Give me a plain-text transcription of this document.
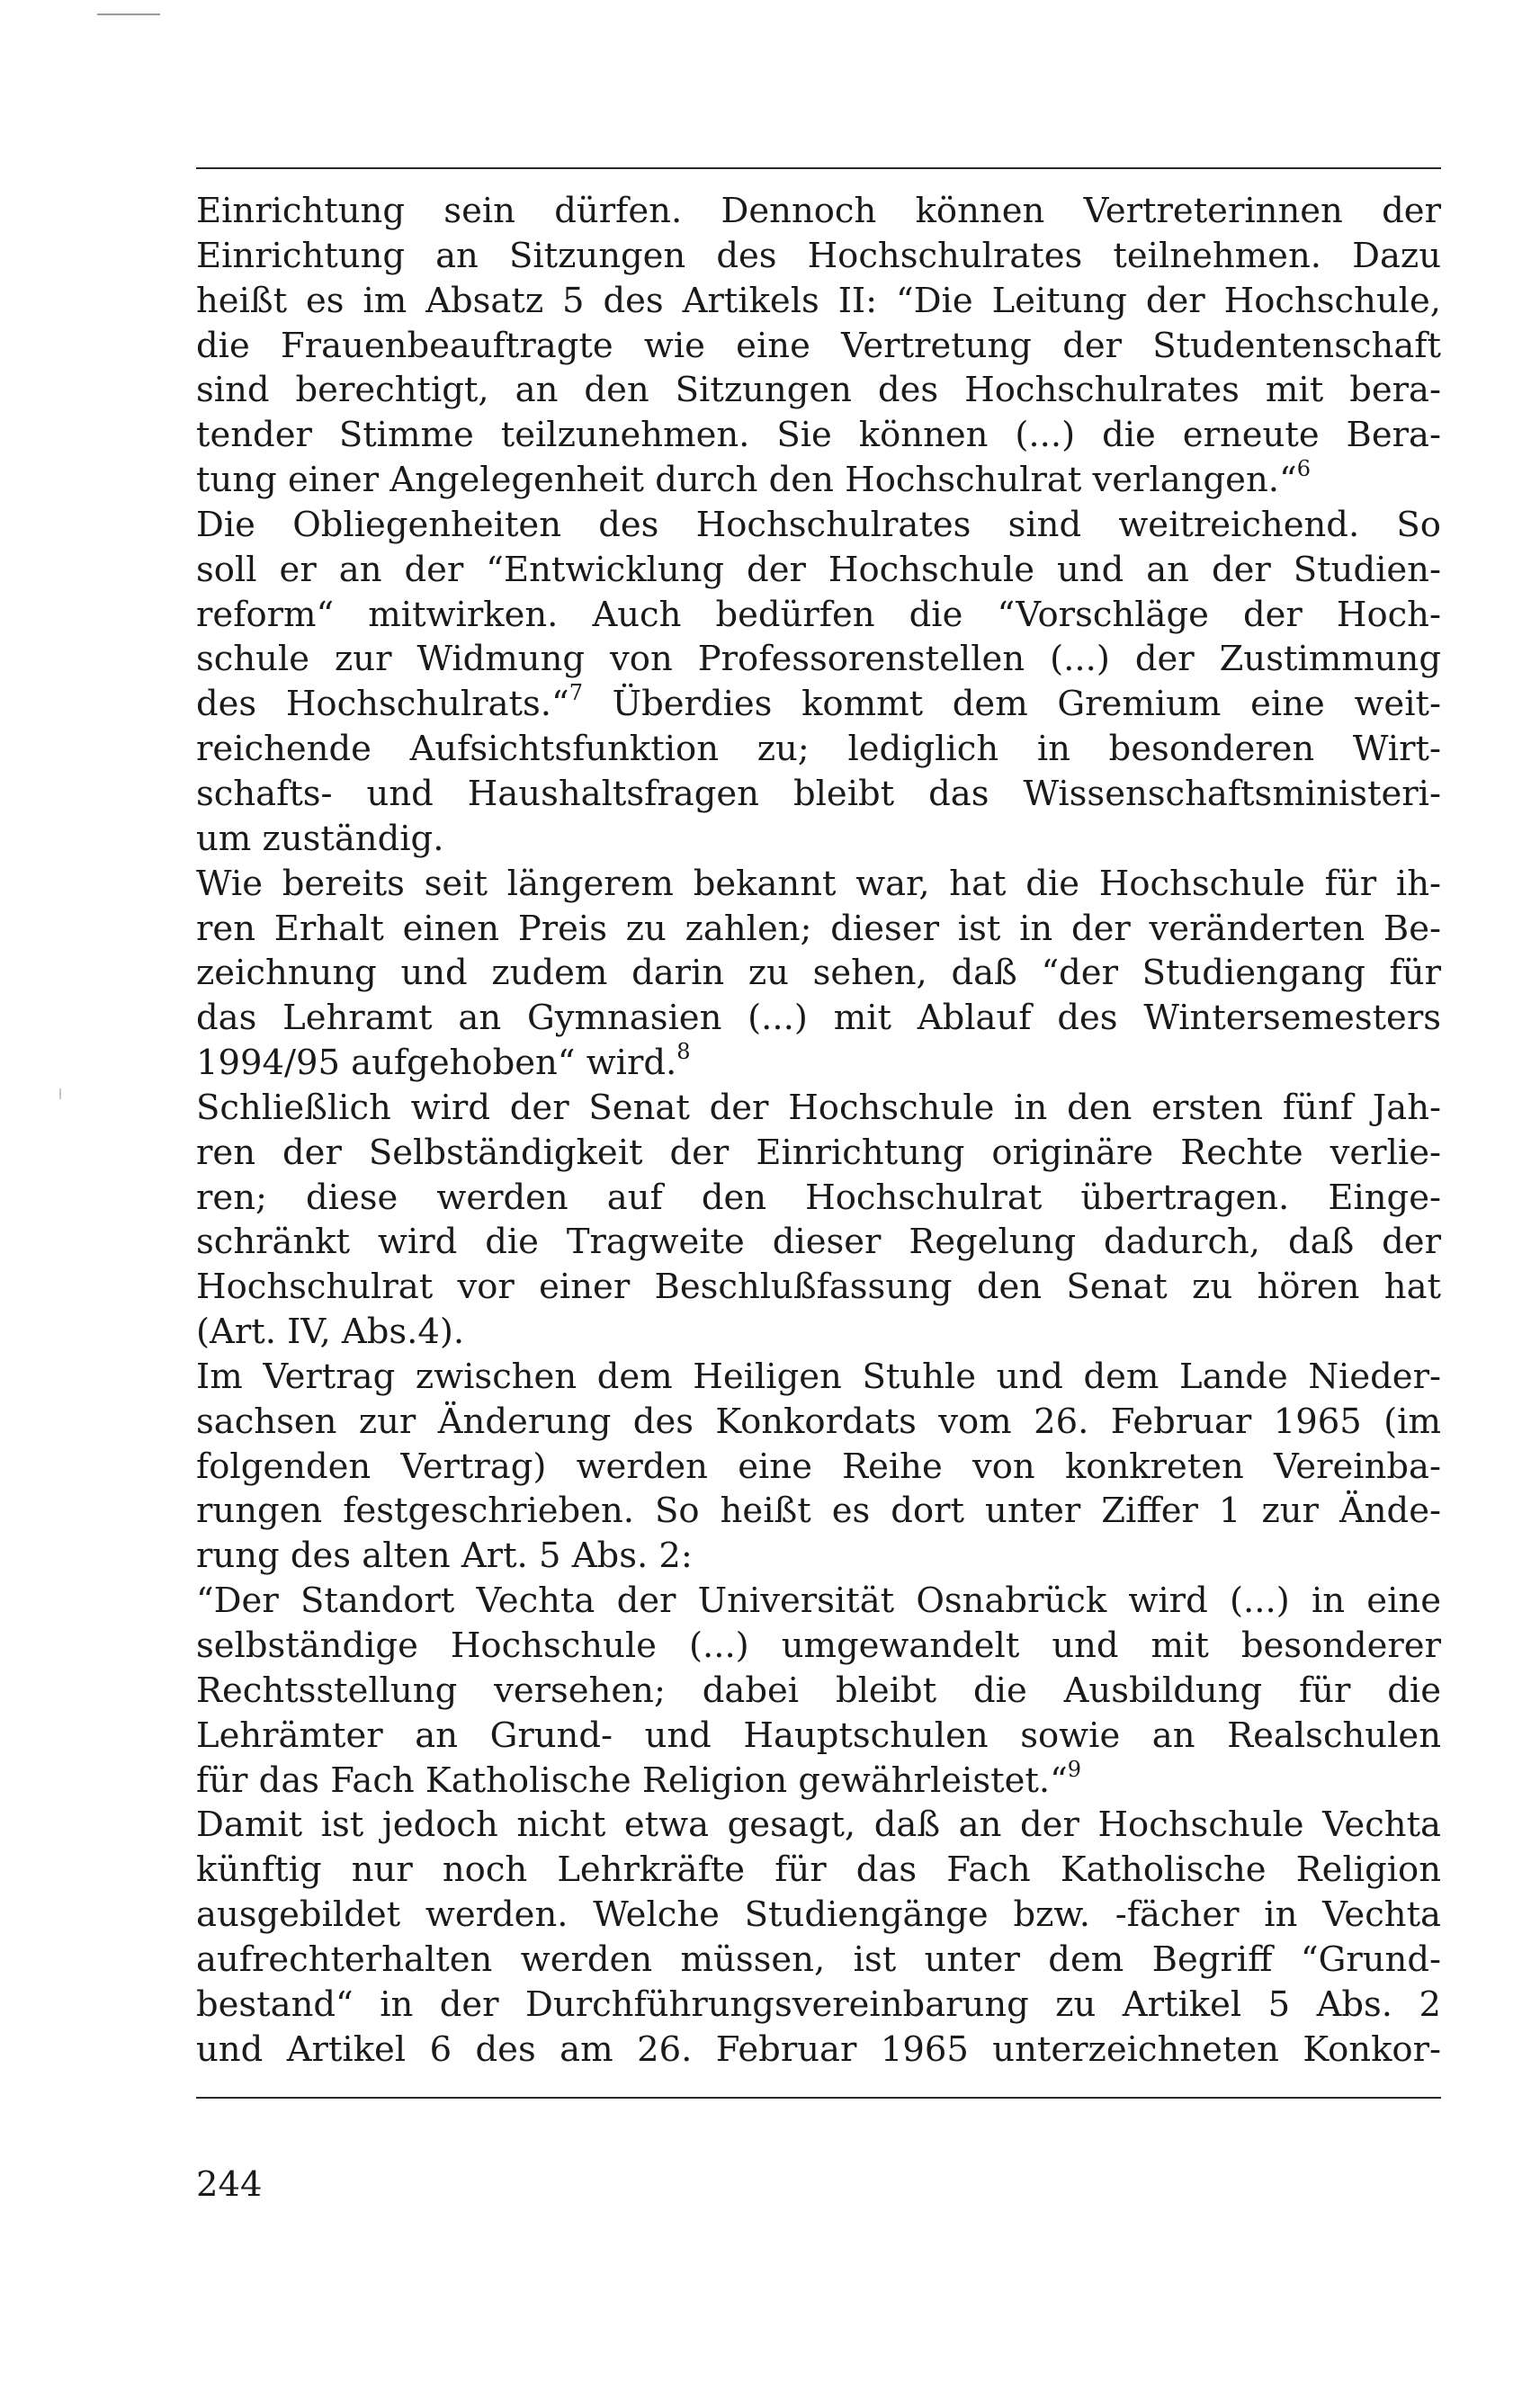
Einrichtung sein dürfen. Dennoch können Vertreterinnen der
Einrichtung an Sitzungen des Hochschulrates teilnehmen. Dazu
heißt es im Absatz 5 des Artikels II: “Die Leitung der Hochschule,
die Frauenbeauftragte wie eine Vertretung der Studentenschaft
sind berechtigt, an den Sitzungen des Hochschulrates mit bera-
tender Stimme teilzunehmen. Sie können (...) die erneute Bera-
tung einer Angelegenheit durch den Hochschulrat verlangen.“$^6$
Die Obliegenheiten des Hochschulrates sind weitreichend. So
soll er an der “Entwicklung der Hochschule und an der Studien-
reform“ mitwirken. Auch bedürfen die “Vorschläge der Hoch-
schule zur Widmung von Professorenstellen (...) der Zustimmung
des Hochschulrats.“$^7$ Überdies kommt dem Gremium eine weit-
reichende Aufsichtsfunktion zu; lediglich in besonderen Wirt-
schafts- und Haushaltsfragen bleibt das Wissenschaftsministeri-
um zuständig.
Wie bereits seit längerem bekannt war, hat die Hochschule für ih-
ren Erhalt einen Preis zu zahlen; dieser ist in der veränderten Be-
zeichnung und zudem darin zu sehen, daß “der Studiengang für
das Lehramt an Gymnasien (...) mit Ablauf des Wintersemesters
1994/95 aufgehoben“ wird.$^8$
Schließlich wird der Senat der Hochschule in den ersten fünf Jah-
ren der Selbständigkeit der Einrichtung originäre Rechte verlie-
ren; diese werden auf den Hochschulrat übertragen. Einge-
schränkt wird die Tragweite dieser Regelung dadurch, daß der
Hochschulrat vor einer Beschlußfassung den Senat zu hören hat
(Art. IV, Abs.4).
Im Vertrag zwischen dem Heiligen Stuhle und dem Lande Nieder-
sachsen zur Änderung des Konkordats vom 26. Februar 1965 (im
folgenden Vertrag) werden eine Reihe von konkreten Vereinba-
rungen festgeschrieben. So heißt es dort unter Ziffer 1 zur Ände-
rung des alten Art. 5 Abs. 2:
“Der Standort Vechta der Universität Osnabrück wird (...) in eine
selbständige Hochschule (...) umgewandelt und mit besonderer
Rechtsstellung versehen; dabei bleibt die Ausbildung für die
Lehrämter an Grund- und Hauptschulen sowie an Realschulen
für das Fach Katholische Religion gewährleistet.“$^9$
Damit ist jedoch nicht etwa gesagt, daß an der Hochschule Vechta
künftig nur noch Lehrkräfte für das Fach Katholische Religion
ausgebildet werden. Welche Studiengänge bzw. -fächer in Vechta
aufrechterhalten werden müssen, ist unter dem Begriff “Grund-
bestand“ in der Durchführungsvereinbarung zu Artikel 5 Abs. 2
und Artikel 6 des am 26. Februar 1965 unterzeichneten Konkor-
244
